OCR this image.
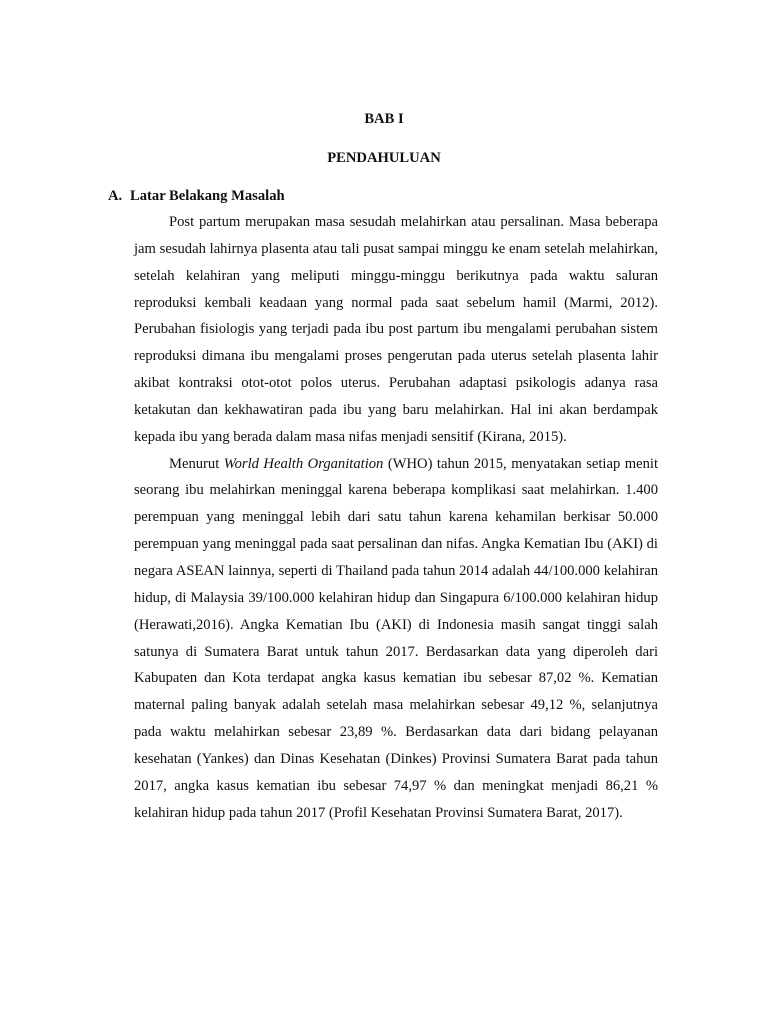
BAB I
PENDAHULUAN
A. Latar Belakang Masalah

Post partum merupakan masa sesudah melahirkan atau persalinan. Masa beberapa jam sesudah lahirnya plasenta atau tali pusat sampai minggu ke enam setelah melahirkan, setelah kelahiran yang meliputi minggu-minggu berikutnya pada waktu saluran reproduksi kembali keadaan yang normal pada saat sebelum hamil (Marmi, 2012). Perubahan fisiologis yang terjadi pada ibu post partum ibu mengalami perubahan sistem reproduksi dimana ibu mengalami proses pengerutan pada uterus setelah plasenta lahir akibat kontraksi otot-otot polos uterus. Perubahan adaptasi psikologis adanya rasa ketakutan dan kekhawatiran pada ibu yang baru melahirkan. Hal ini akan berdampak kepada ibu yang berada dalam masa nifas menjadi sensitif (Kirana, 2015).

Menurut World Health Organitation (WHO) tahun 2015, menyatakan setiap menit seorang ibu melahirkan meninggal karena beberapa komplikasi saat melahirkan. 1.400 perempuan yang meninggal lebih dari satu tahun karena kehamilan berkisar 50.000 perempuan yang meninggal pada saat persalinan dan nifas. Angka Kematian Ibu (AKI) di negara ASEAN lainnya, seperti di Thailand pada tahun 2014 adalah 44/100.000 kelahiran hidup, di Malaysia 39/100.000 kelahiran hidup dan Singapura 6/100.000 kelahiran hidup (Herawati,2016). Angka Kematian Ibu (AKI) di Indonesia masih sangat tinggi salah satunya di Sumatera Barat untuk tahun 2017. Berdasarkan data yang diperoleh dari Kabupaten dan Kota terdapat angka kasus kematian ibu sebesar 87,02 %. Kematian maternal paling banyak adalah setelah masa melahirkan sebesar 49,12 %, selanjutnya pada waktu melahirkan sebesar 23,89 %. Berdasarkan data dari bidang pelayanan kesehatan (Yankes) dan Dinas Kesehatan (Dinkes) Provinsi Sumatera Barat pada tahun 2017, angka kasus kematian ibu sebesar 74,97 % dan meningkat menjadi 86,21 % kelahiran hidup pada tahun 2017 (Profil Kesehatan Provinsi Sumatera Barat, 2017).
